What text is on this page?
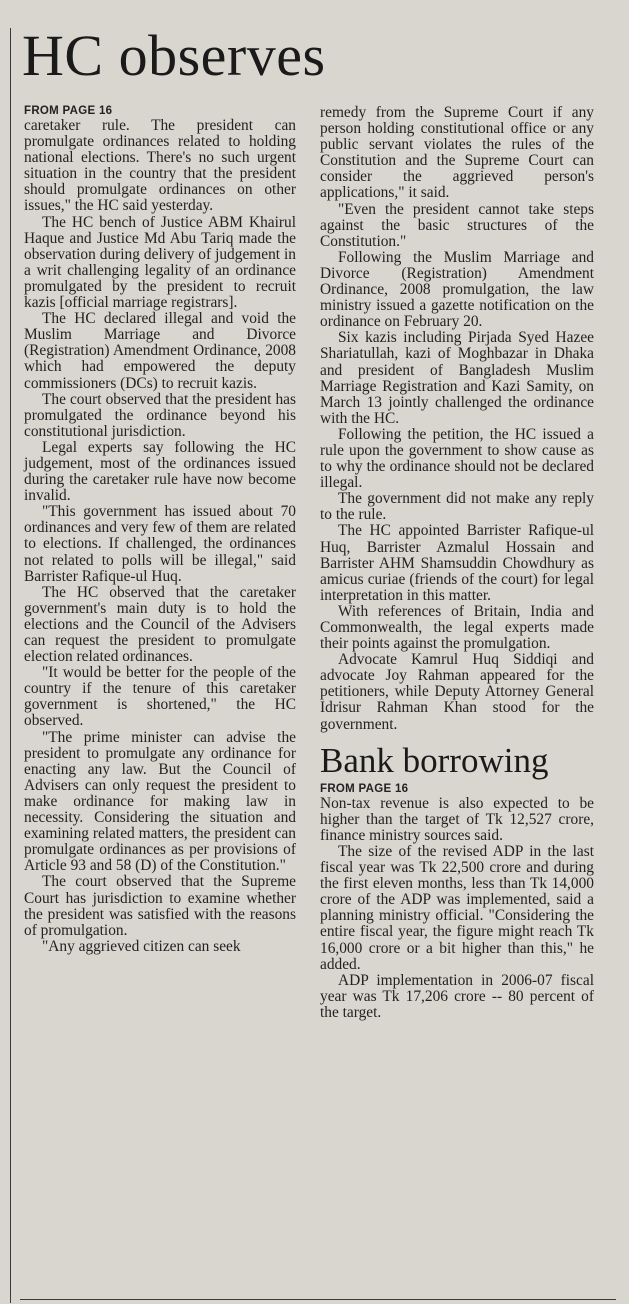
HC observes
FROM PAGE 16

caretaker rule. The president can promulgate ordinances related to holding national elections. There's no such urgent situation in the country that the president should promulgate ordinances on other issues," the HC said yesterday.

The HC bench of Justice ABM Khairul Haque and Justice Md Abu Tariq made the observation during delivery of judgement in a writ challenging legality of an ordinance promulgated by the president to recruit kazis [official marriage registrars].

The HC declared illegal and void the Muslim Marriage and Divorce (Registration) Amendment Ordinance, 2008 which had empowered the deputy commissioners (DCs) to recruit kazis.

The court observed that the president has promulgated the ordinance beyond his constitutional jurisdiction.

Legal experts say following the HC judgement, most of the ordinances issued during the caretaker rule have now become invalid.

"This government has issued about 70 ordinances and very few of them are related to elections. If challenged, the ordinances not related to polls will be illegal," said Barrister Rafique-ul Huq.

The HC observed that the caretaker government's main duty is to hold the elections and the Council of the Advisers can request the president to promulgate election related ordinances.

"It would be better for the people of the country if the tenure of this caretaker government is shortened," the HC observed.

"The prime minister can advise the president to promulgate any ordinance for enacting any law. But the Council of Advisers can only request the president to make ordinance for making law in necessity. Considering the situation and examining related matters, the president can promulgate ordinances as per provisions of Article 93 and 58 (D) of the Constitution."

The court observed that the Supreme Court has jurisdiction to examine whether the president was satisfied with the reasons of promulgation.

"Any aggrieved citizen can seek

remedy from the Supreme Court if any person holding constitutional office or any public servant violates the rules of the Constitution and the Supreme Court can consider the aggrieved person's applications," it said.

"Even the president cannot take steps against the basic structures of the Constitution."

Following the Muslim Marriage and Divorce (Registration) Amendment Ordinance, 2008 promulgation, the law ministry issued a gazette notification on the ordinance on February 20.

Six kazis including Pirjada Syed Hazee Shariatullah, kazi of Moghbazar in Dhaka and president of Bangladesh Muslim Marriage Registration and Kazi Samity, on March 13 jointly challenged the ordinance with the HC.

Following the petition, the HC issued a rule upon the government to show cause as to why the ordinance should not be declared illegal.

The government did not make any reply to the rule.

The HC appointed Barrister Rafique-ul Huq, Barrister Azmalul Hossain and Barrister AHM Shamsuddin Chowdhury as amicus curiae (friends of the court) for legal interpretation in this matter.

With references of Britain, India and Commonwealth, the legal experts made their points against the promulgation.

Advocate Kamrul Huq Siddiqi and advocate Joy Rahman appeared for the petitioners, while Deputy Attorney General Idrisur Rahman Khan stood for the government.

Bank borrowing
FROM PAGE 16

Non-tax revenue is also expected to be higher than the target of Tk 12,527 crore, finance ministry sources said.

The size of the revised ADP in the last fiscal year was Tk 22,500 crore and during the first eleven months, less than Tk 14,000 crore of the ADP was implemented, said a planning ministry official. "Considering the entire fiscal year, the figure might reach Tk 16,000 crore or a bit higher than this," he added.

ADP implementation in 2006-07 fiscal year was Tk 17,206 crore -- 80 percent of the target.
